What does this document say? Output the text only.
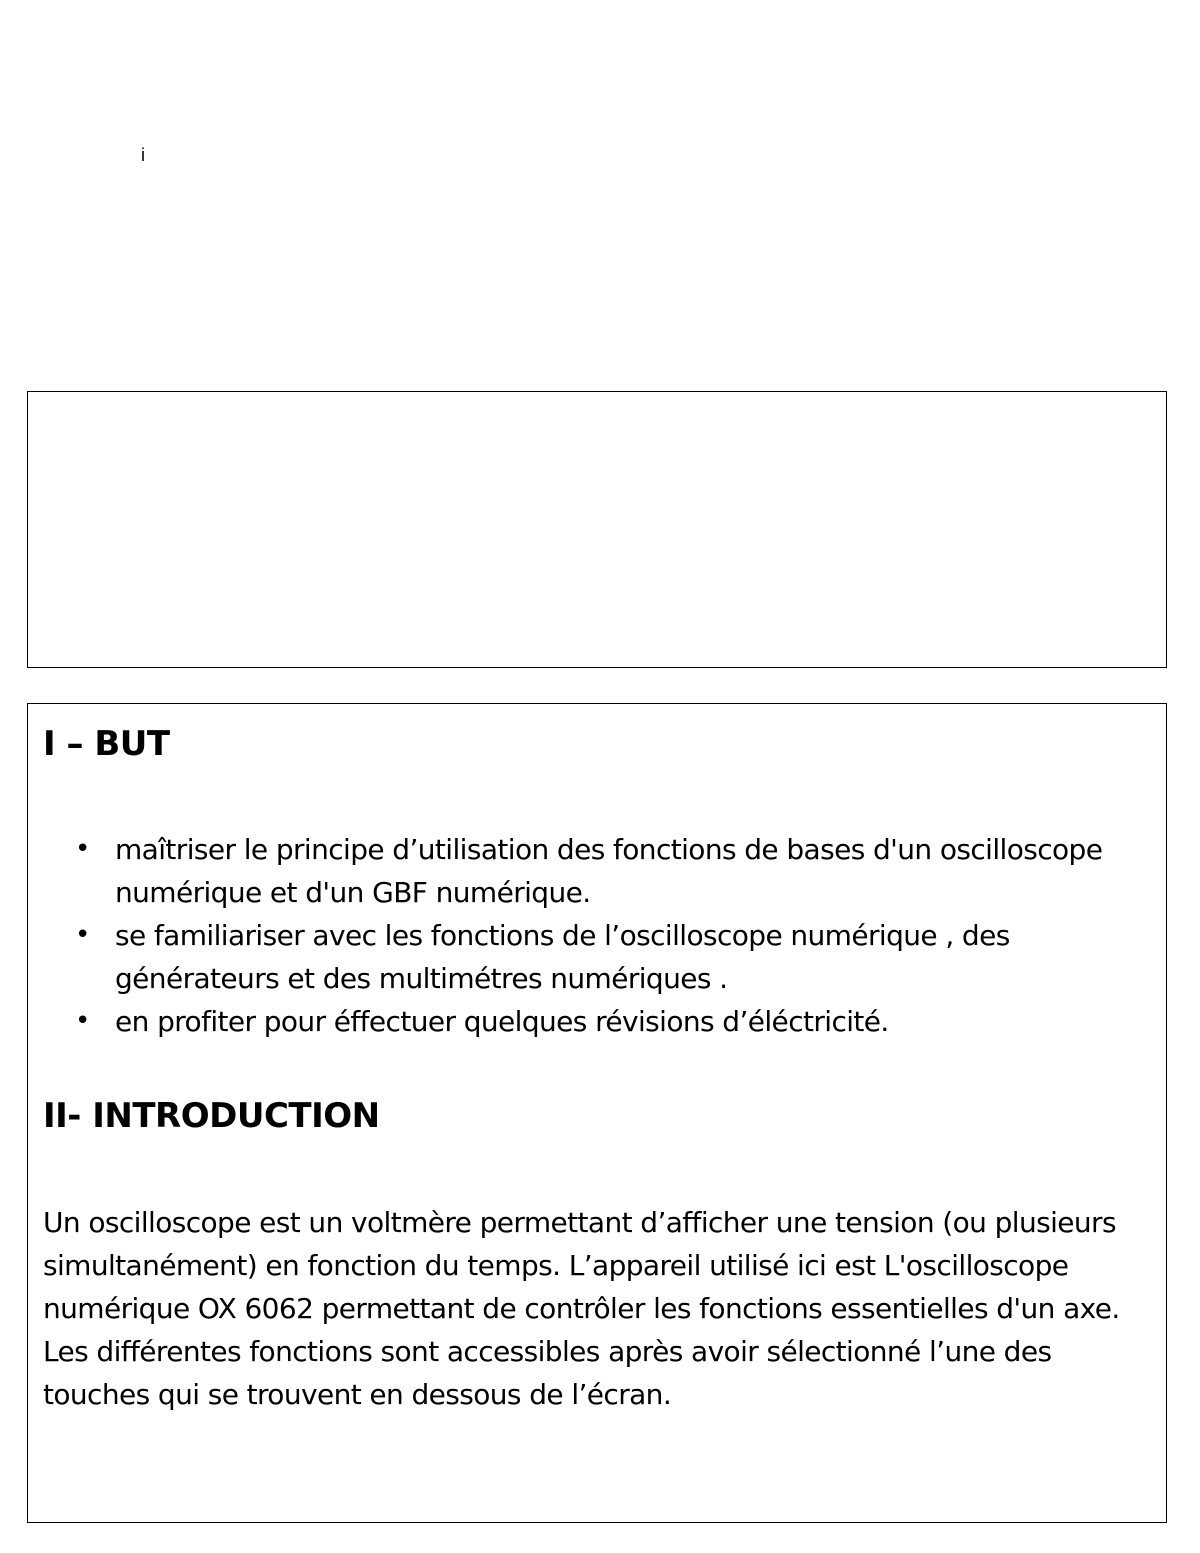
i
I – BUT
• maîtriser le principe d’utilisation des fonctions de bases d'un oscilloscope numérique et d'un GBF numérique.
• se familiariser avec les fonctions de l’oscilloscope numérique , des générateurs et des multimétres numériques .
• en profiter pour éffectuer quelques révisions d’éléctricité.
II- INTRODUCTION

Un oscilloscope est un voltmère permettant d’afficher une tension (ou plusieurs simultanément) en fonction du temps. L’appareil utilisé ici est L'oscilloscope numérique OX 6062 permettant de contrôler les fonctions essentielles d'un axe. Les différentes fonctions sont accessibles après avoir sélectionné l’une des touches qui se trouvent en dessous de l’écran.
